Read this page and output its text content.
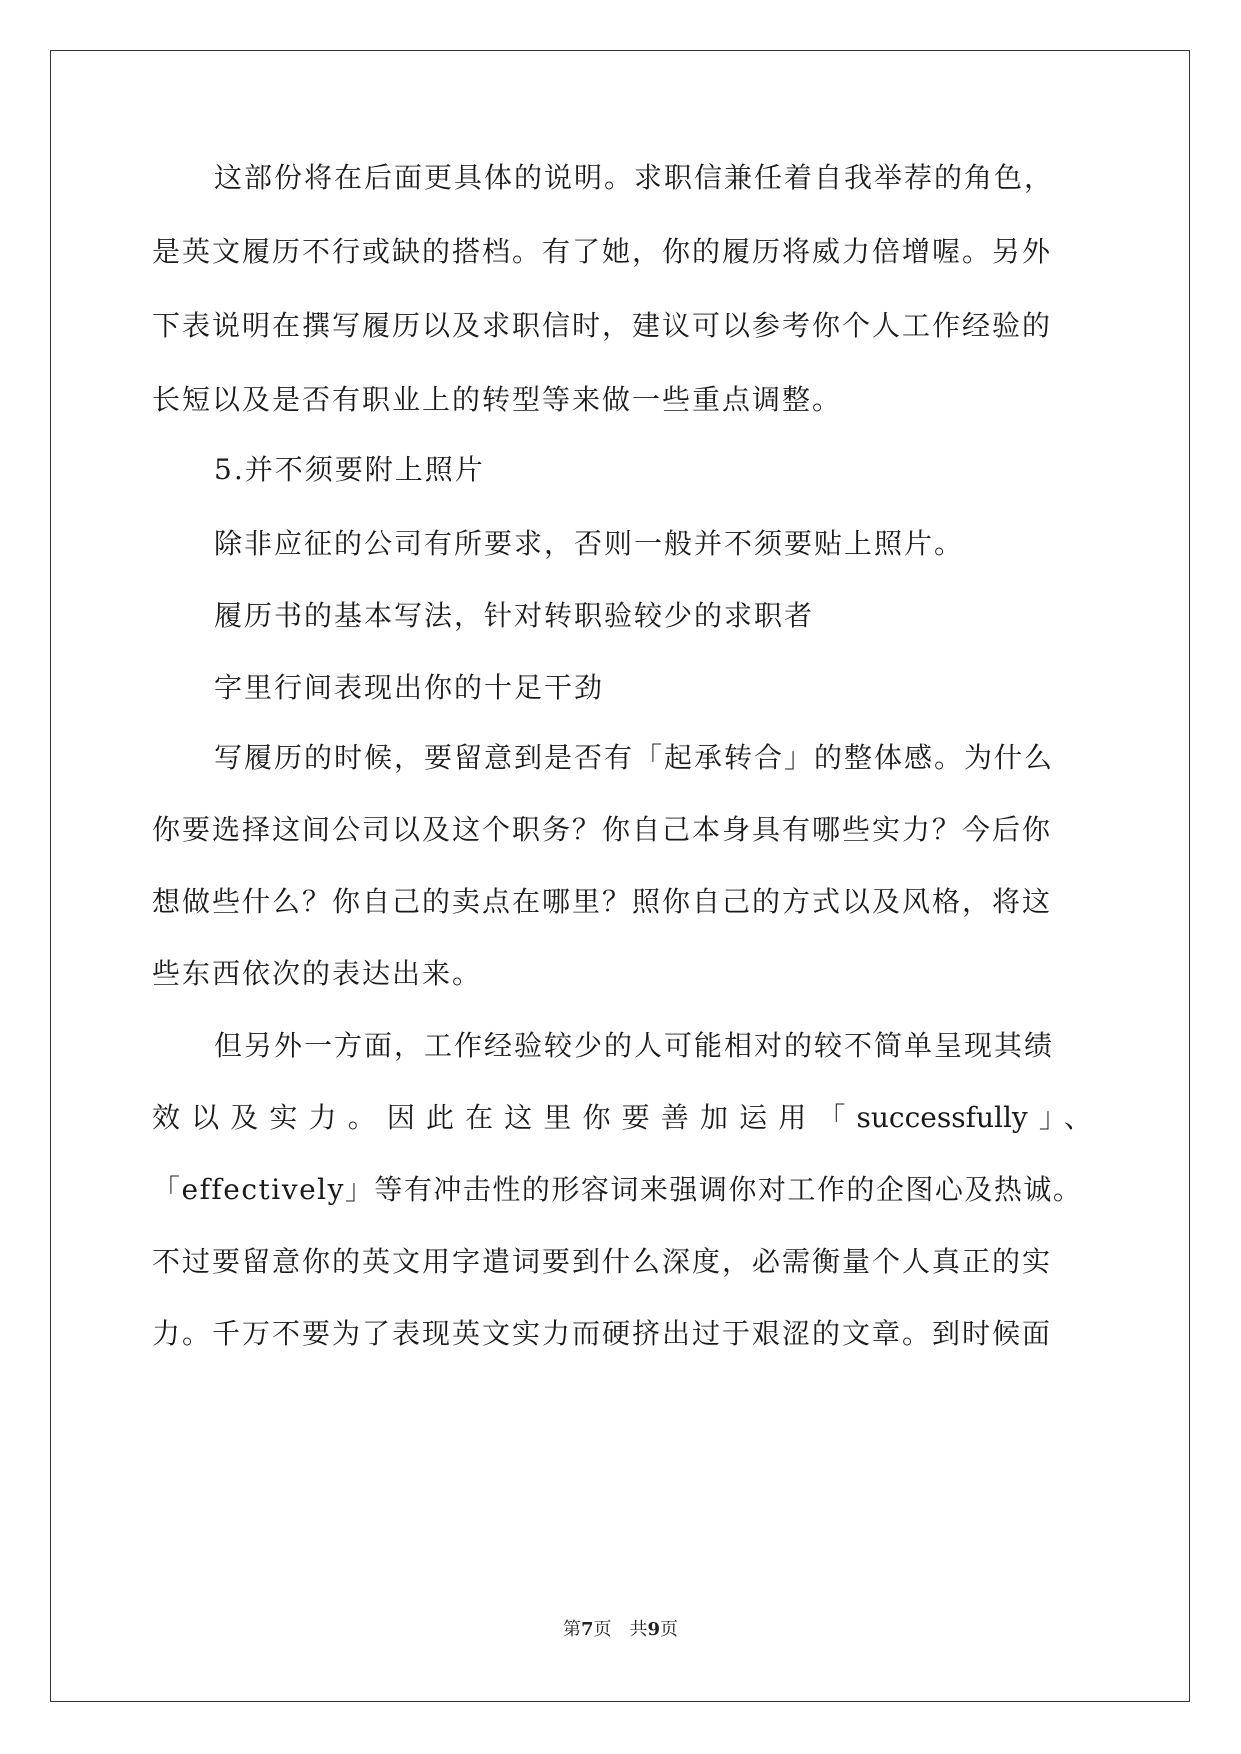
这部份将在后面更具体的说明。求职信兼任着自我举荐的角色，
是英文履历不行或缺的搭档。有了她，你的履历将威力倍增喔。另外
下表说明在撰写履历以及求职信时，建议可以参考你个人工作经验的
长短以及是否有职业上的转型等来做一些重点调整。
5.并不须要附上照片
除非应征的公司有所要求，否则一般并不须要贴上照片。
履历书的基本写法，针对转职验较少的求职者
字里行间表现出你的十足干劲
写履历的时候，要留意到是否有「起承转合」的整体感。为什么
你要选择这间公司以及这个职务？你自己本身具有哪些实力？今后你
想做些什么？你自己的卖点在哪里？照你自己的方式以及风格，将这
些东西依次的表达出来。
但另外一方面，工作经验较少的人可能相对的较不简单呈现其绩
效以及实力。因此在这里你要善加运用「successfully」、
「effectively」等有冲击性的形容词来强调你对工作的企图心及热诚。
不过要留意你的英文用字遣词要到什么深度，必需衡量个人真正的实
力。千万不要为了表现英文实力而硬挤出过于艰涩的文章。到时候面
第7页　共9页
